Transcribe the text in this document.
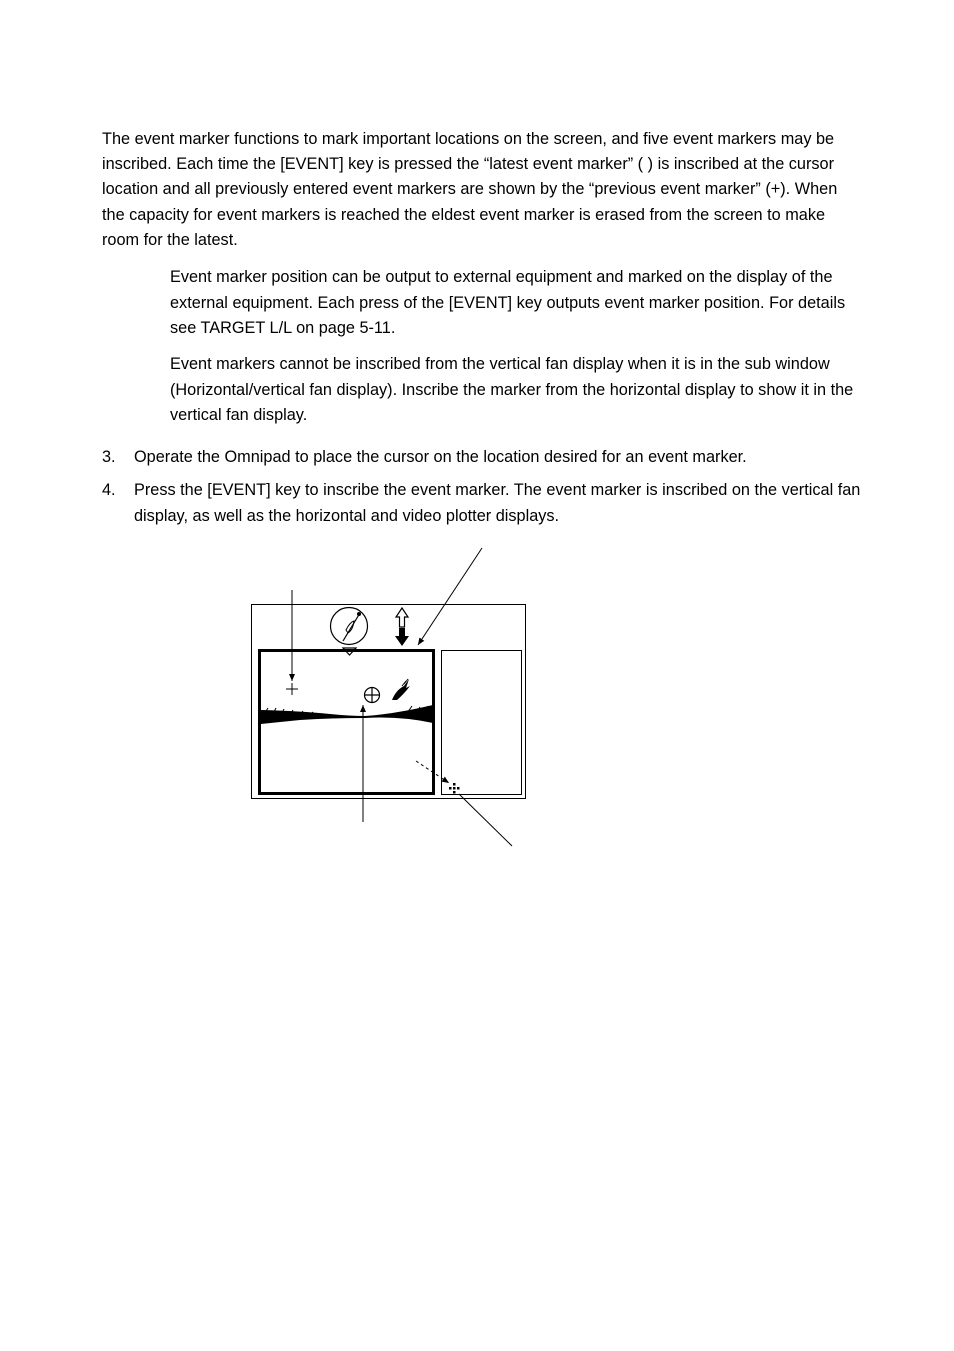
The event marker functions to mark important locations on the screen, and five event markers may be inscribed. Each time the [EVENT] key is pressed the “latest event marker” ( ) is inscribed at the cursor location and all previously entered event markers are shown by the “previous event marker” (+). When the capacity for event markers is reached the eldest event marker is erased from the screen to make room for the latest.

Event marker position can be output to external equipment and marked on the display of the external equipment. Each press of the [EVENT] key outputs event marker position. For details see TARGET L/L on page 5-11.

Event markers cannot be inscribed from the vertical fan display when it is in the sub window (Horizontal/vertical fan display). Inscribe the marker from the horizontal display to show it in the vertical fan display.

3. Operate the Omnipad to place the cursor on the location desired for an event marker.
4. Press the [EVENT] key to inscribe the event marker. The event marker is inscribed on the vertical fan display, as well as the horizontal and video plotter displays.
